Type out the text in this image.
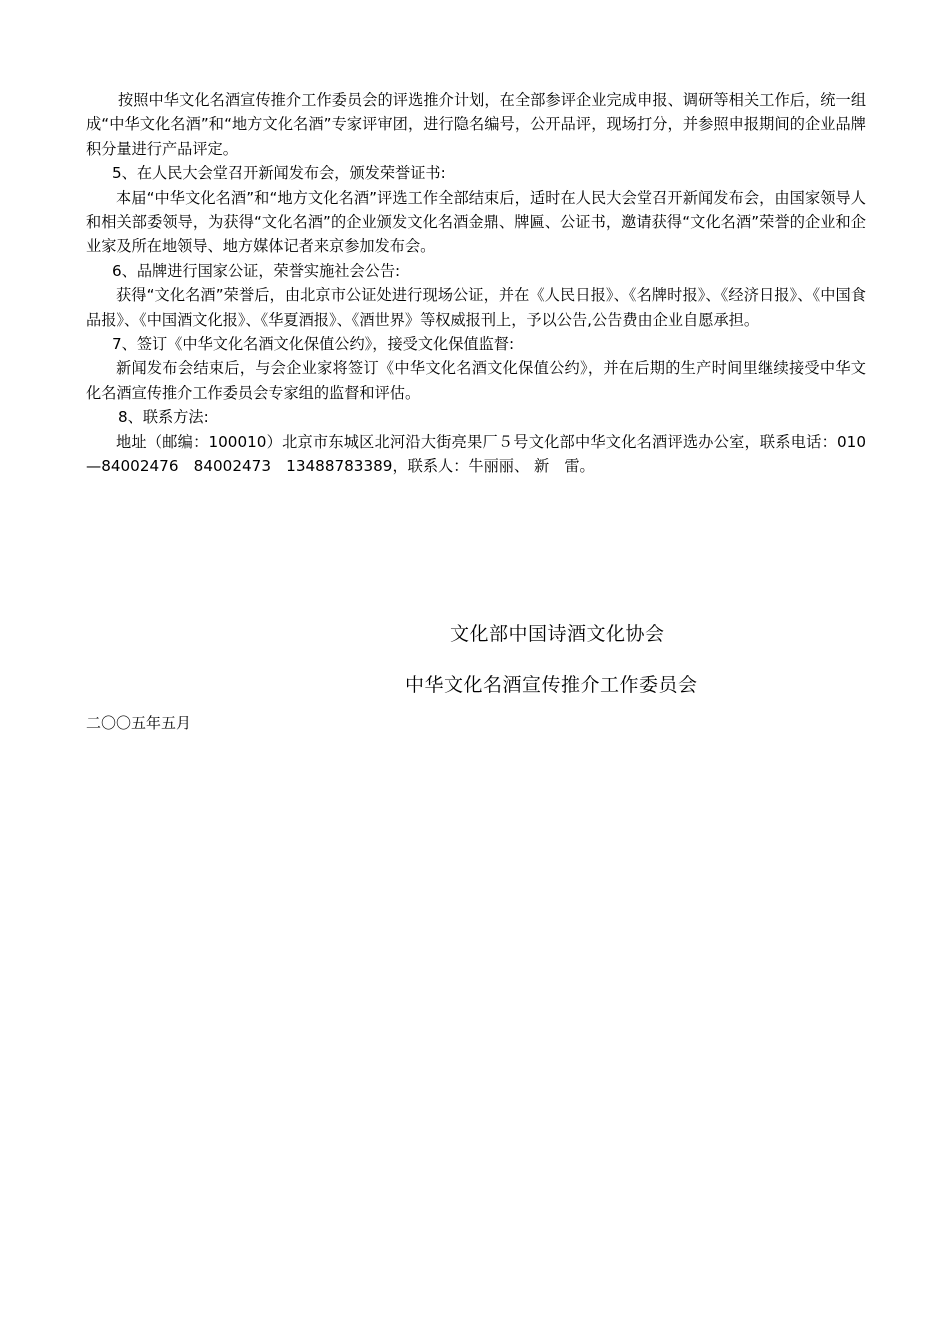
按照中华文化名酒宣传推介工作委员会的评选推介计划，在全部参评企业完成申报、调研等相关工作后，统一组成“中华文化名酒”和“地方文化名酒”专家评审团，进行隐名编号，公开品评，现场打分，并参照申报期间的企业品牌积分量进行产品评定。

5、在人民大会堂召开新闻发布会，颁发荣誉证书:

本届“中华文化名酒”和“地方文化名酒”评选工作全部结束后，适时在人民大会堂召开新闻发布会，由国家领导人和相关部委领导，为获得“文化名酒”的企业颁发文化名酒金鼎、牌匾、公证书，邀请获得“文化名酒”荣誉的企业和企业家及所在地领导、地方媒体记者来京参加发布会。

6、品牌进行国家公证，荣誉实施社会公告:

获得“文化名酒”荣誉后，由北京市公证处进行现场公证，并在《人民日报》、《名牌时报》、《经济日报》、《中国食品报》、《中国酒文化报》、《华夏酒报》、《酒世界》等权威报刊上，予以公告,公告费由企业自愿承担。

7、签订《中华文化名酒文化保值公约》，接受文化保值监督:

新闻发布会结束后，与会企业家将签订《中华文化名酒文化保值公约》，并在后期的生产时间里继续接受中华文化名酒宣传推介工作委员会专家组的监督和评估。

8、联系方法:

地址（邮编：100010）北京市东城区北河沿大街亮果厂５号文化部中华文化名酒评选办公室，联系电话：010—84002476　84002473　13488783389，联系人：牛丽丽、 新　雷。

文化部中国诗酒文化协会
中华文化名酒宣传推介工作委员会
二〇〇五年五月
